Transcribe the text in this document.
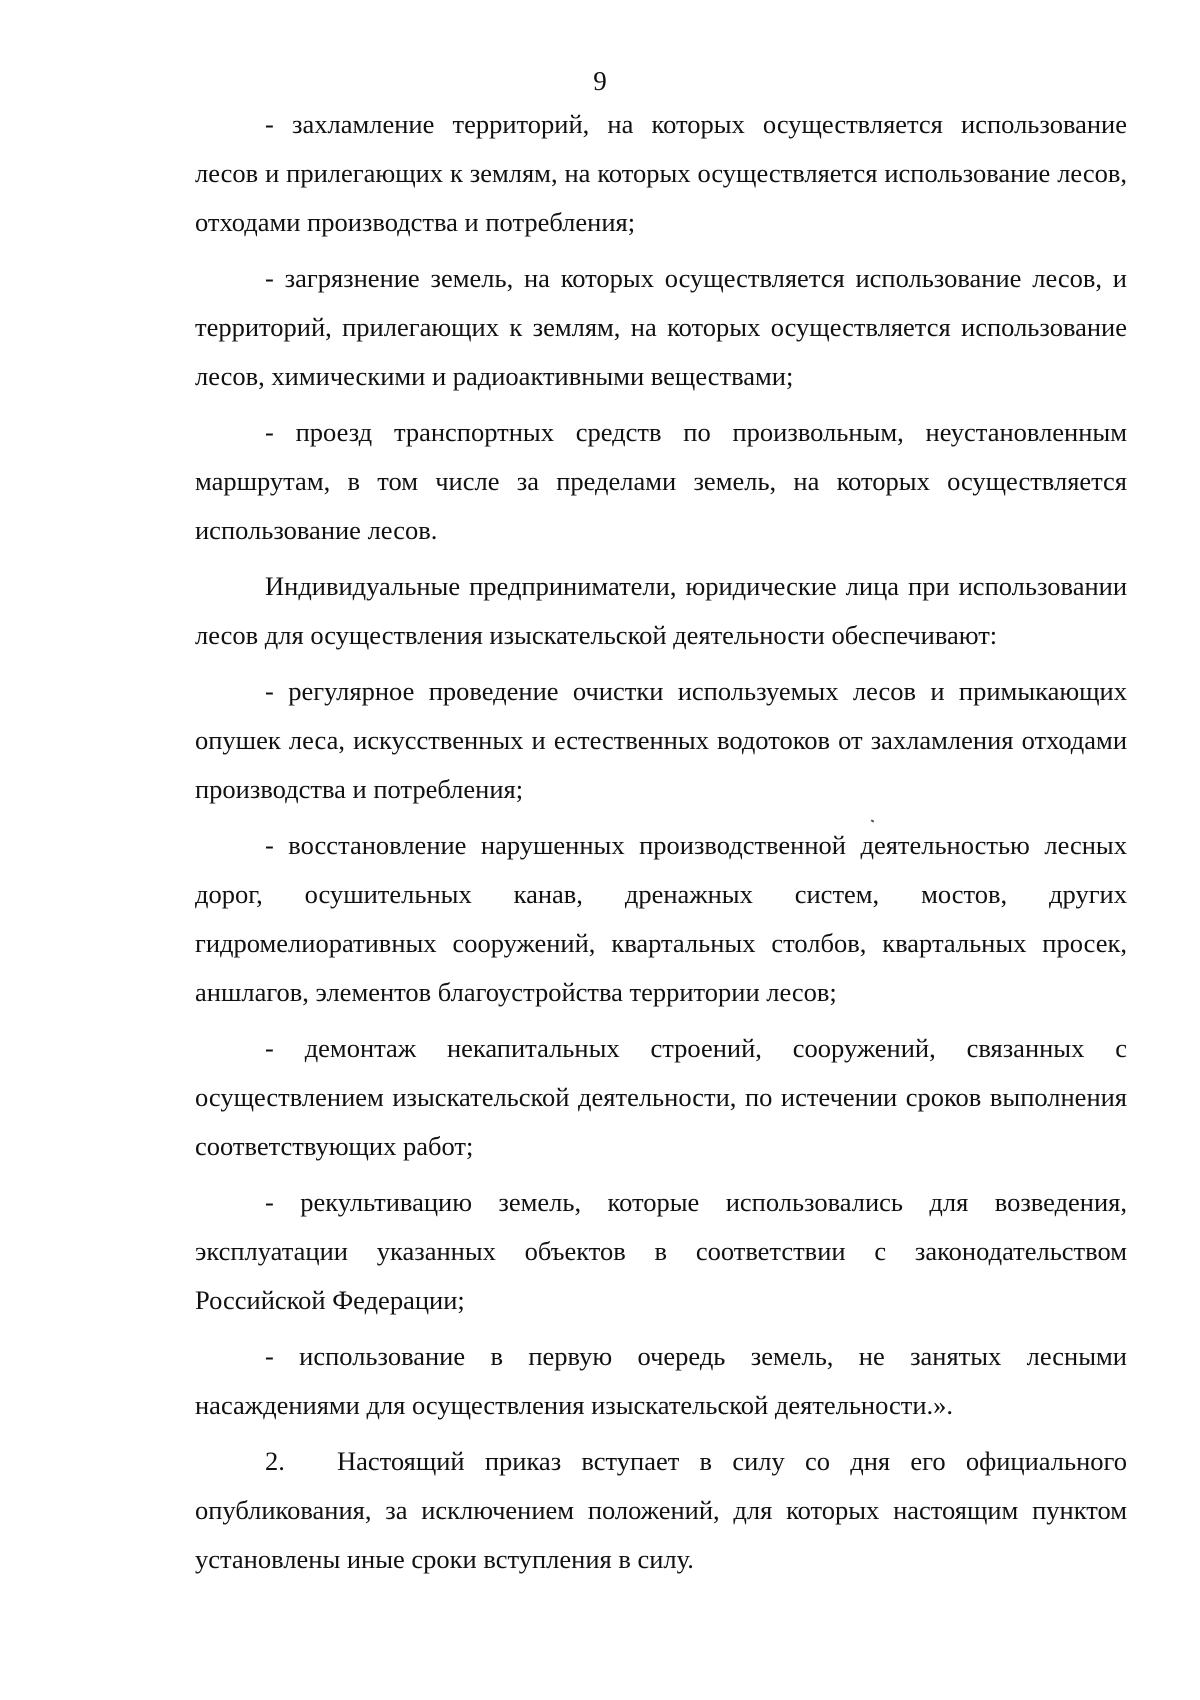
9

- захламление территорий, на которых осуществляется использование лесов и прилегающих к землям, на которых осуществляется использование лесов, отходами производства и потребления;

- загрязнение земель, на которых осуществляется использование лесов, и территорий, прилегающих к землям, на которых осуществляется использование лесов, химическими и радиоактивными веществами;

- проезд транспортных средств по произвольным, неустановленным маршрутам, в том числе за пределами земель, на которых осуществляется использование лесов.

Индивидуальные предприниматели, юридические лица при использовании лесов для осуществления изыскательской деятельности обеспечивают:

- регулярное проведение очистки используемых лесов и примыкающих опушек леса, искусственных и естественных водотоков от захламления отходами производства и потребления;

- восстановление нарушенных производственной деятельностью лесных дорог, осушительных канав, дренажных систем, мостов, других гидромелиоративных сооружений, квартальных столбов, квартальных просек, аншлагов, элементов благоустройства территории лесов;

- демонтаж некапитальных строений, сооружений, связанных с осуществлением изыскательской деятельности, по истечении сроков выполнения соответствующих работ;

- рекультивацию земель, которые использовались для возведения, эксплуатации указанных объектов в соответствии с законодательством Российской Федерации;

- использование в первую очередь земель, не занятых лесными насаждениями для осуществления изыскательской деятельности.».

2. Настоящий приказ вступает в силу со дня его официального опубликования, за исключением положений, для которых настоящим пунктом установлены иные сроки вступления в силу.
